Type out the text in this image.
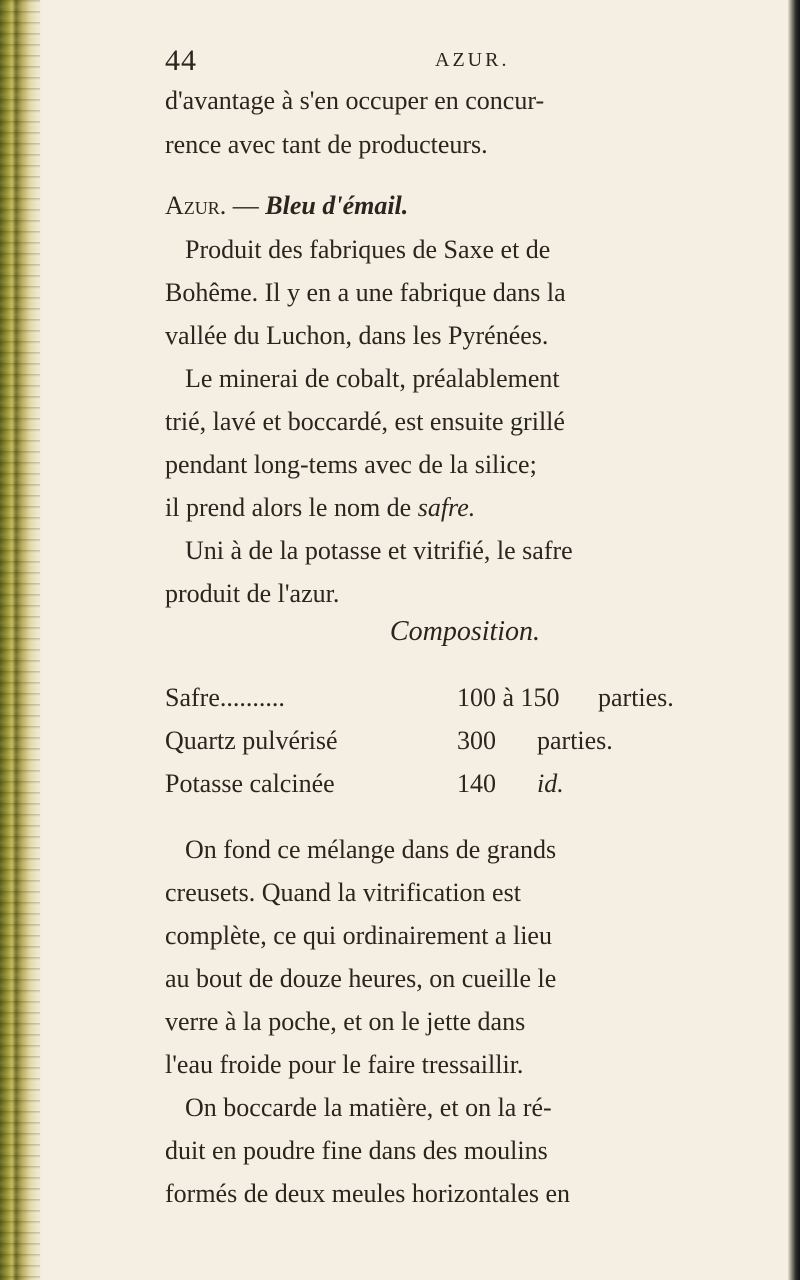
44	AZUR.
d'avantage à s'en occuper en concur-
rence avec tant de producteurs.
Azur. — Bleu d'émail.
Produit des fabriques de Saxe et de
Bohême. Il y en a une fabrique dans la
vallée du Luchon, dans les Pyrénées.
Le minerai de cobalt, préalablement
trié, lavé et boccardé, est ensuite grillé
pendant long-tems avec de la silice;
il prend alors le nom de safre.
Uni à de la potasse et vitrifié, le safre
produit de l'azur.
Composition.
Safre..........	100 à 150 parties.
Quartz pulvérisé	300 parties.
Potasse calcinée	140 id.
On fond ce mélange dans de grands
creusets. Quand la vitrification est
complète, ce qui ordinairement a lieu
au bout de douze heures, on cueille le
verre à la poche, et on le jette dans
l'eau froide pour le faire tressaillir.
On boccarde la matière, et on la ré-
duit en poudre fine dans des moulins
formés de deux meules horizontales en
